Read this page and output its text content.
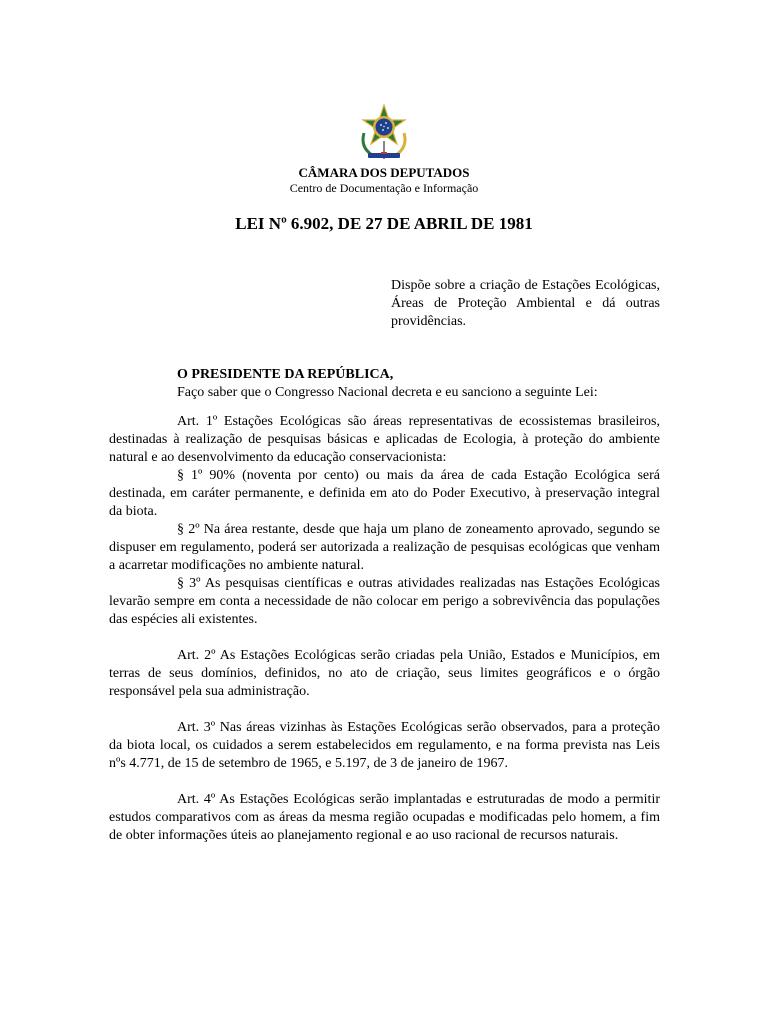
CÂMARA DOS DEPUTADOS
Centro de Documentação e Informação
LEI Nº 6.902, DE 27 DE ABRIL DE 1981
Dispõe sobre a criação de Estações Ecológicas, Áreas de Proteção Ambiental e dá outras providências.
O PRESIDENTE DA REPÚBLICA,
Faço saber que o Congresso Nacional decreta e eu sanciono a seguinte Lei:

Art. 1º Estações Ecológicas são áreas representativas de ecossistemas brasileiros, destinadas à realização de pesquisas básicas e aplicadas de Ecologia, à proteção do ambiente natural e ao desenvolvimento da educação conservacionista:

§ 1º 90% (noventa por cento) ou mais da área de cada Estação Ecológica será destinada, em caráter permanente, e definida em ato do Poder Executivo, à preservação integral da biota.

§ 2º Na área restante, desde que haja um plano de zoneamento aprovado, segundo se dispuser em regulamento, poderá ser autorizada a realização de pesquisas ecológicas que venham a acarretar modificações no ambiente natural.

§ 3º As pesquisas científicas e outras atividades realizadas nas Estações Ecológicas levarão sempre em conta a necessidade de não colocar em perigo a sobrevivência das populações das espécies ali existentes.

Art. 2º As Estações Ecológicas serão criadas pela União, Estados e Municípios, em terras de seus domínios, definidos, no ato de criação, seus limites geográficos e o órgão responsável pela sua administração.

Art. 3º Nas áreas vizinhas às Estações Ecológicas serão observados, para a proteção da biota local, os cuidados a serem estabelecidos em regulamento, e na forma prevista nas Leis nºs 4.771, de 15 de setembro de 1965, e 5.197, de 3 de janeiro de 1967.

Art. 4º As Estações Ecológicas serão implantadas e estruturadas de modo a permitir estudos comparativos com as áreas da mesma região ocupadas e modificadas pelo homem, a fim de obter informações úteis ao planejamento regional e ao uso racional de recursos naturais.
